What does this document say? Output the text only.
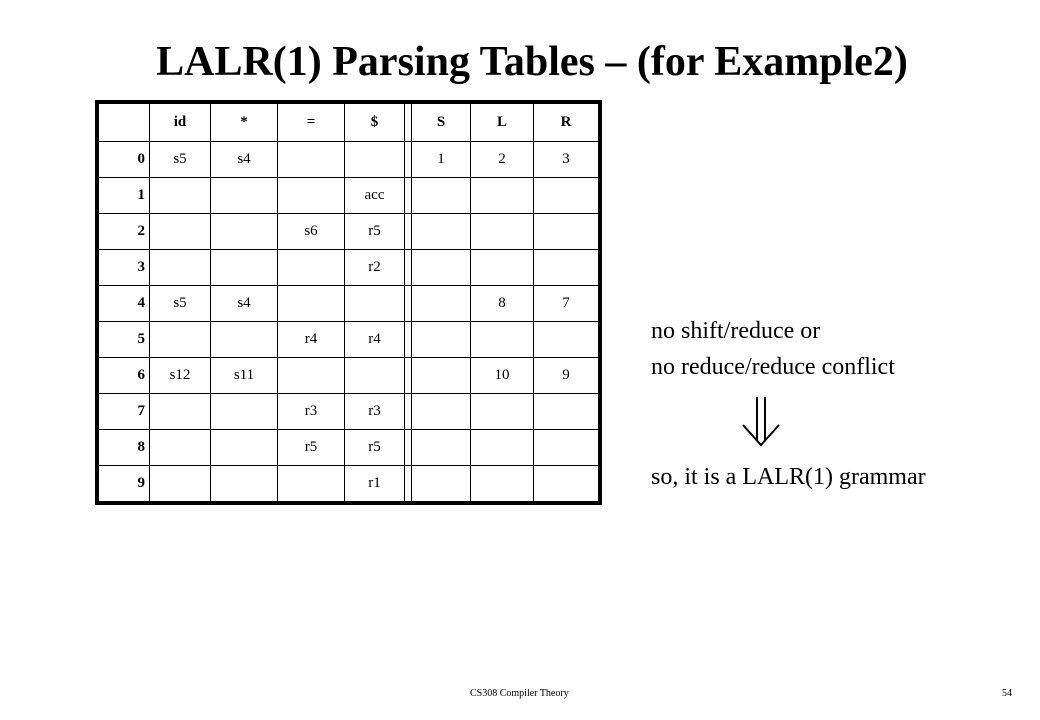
LALR(1) Parsing Tables – (for Example2)
	id	*	=	$		S	L	R
0	s5	s4				1	2	3
1				acc				
2			s6	r5				
3				r2				
4	s5	s4					8	7
5			r4	r4				
6	s12	s11					10	9
7			r3	r3				
8			r5	r5				
9				r1				
no shift/reduce or
no reduce/reduce conflict
so, it is a LALR(1) grammar
CS308 Compiler Theory	54
